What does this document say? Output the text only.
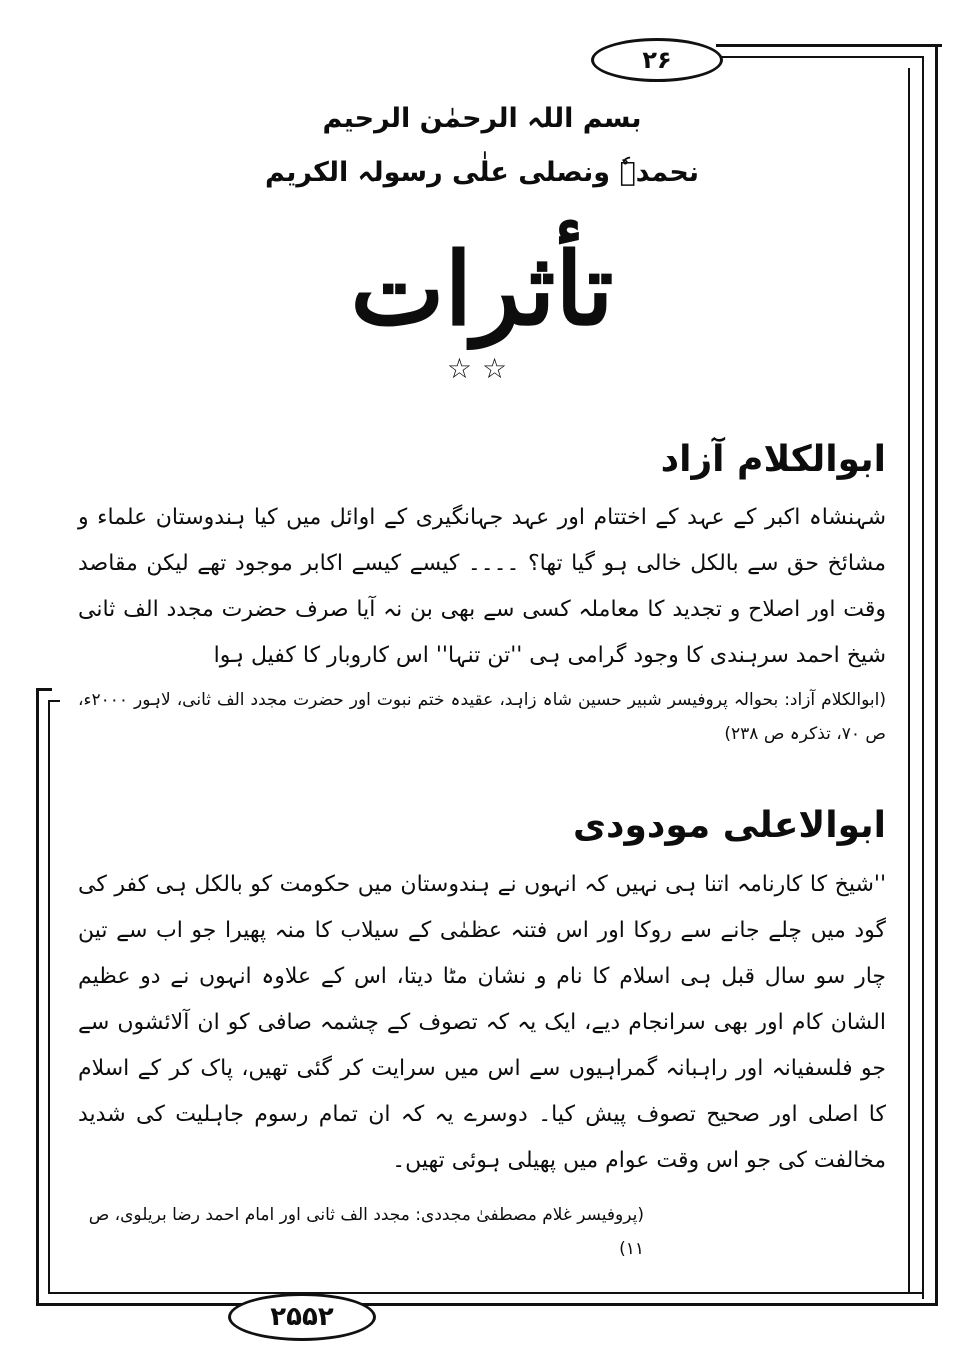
۲۶
۲۵۵۲
بسم اللہ الرحمٰن الرحیم
نحمدہٗ ونصلی علٰی رسولہ الکریم
تأثرات
☆☆
ابوالکلام آزاد
شہنشاہ اکبر کے عہد کے اختتام اور عہد جہانگیری کے اوائل میں کیا ہندوستان علماء و مشائخ حق سے بالکل خالی ہو گیا تھا؟ ۔۔۔۔ کیسے کیسے اکابر موجود تھے لیکن مقاصد وقت اور اصلاح و تجدید کا معاملہ کسی سے بھی بن نہ آیا صرف حضرت مجدد الف ثانی شیخ احمد سرہندی کا وجود گرامی ہی ''تن تنہا'' اس کاروبار کا کفیل ہوا
(ابوالکلام آزاد: بحوالہ پروفیسر شبیر حسین شاہ زاہد، عقیدہ ختم نبوت اور حضرت مجدد الف ثانی، لاہور ۲۰۰۰ء، ص ۷۰، تذکرہ ص ۲۳۸)
ابوالاعلی مودودی
''شیخ کا کارنامہ اتنا ہی نہیں کہ انہوں نے ہندوستان میں حکومت کو بالکل ہی کفر کی گود میں چلے جانے سے روکا اور اس فتنہ عظمٰی کے سیلاب کا منہ پھیرا جو اب سے تین چار سو سال قبل ہی اسلام کا نام و نشان مٹا دیتا، اس کے علاوہ انہوں نے دو عظیم الشان کام اور بھی سرانجام دیے، ایک یہ کہ تصوف کے چشمہ صافی کو ان آلائشوں سے جو فلسفیانہ اور راہبانہ گمراہیوں سے اس میں سرایت کر گئی تھیں، پاک کر کے اسلام کا اصلی اور صحیح تصوف پیش کیا۔ دوسرے یہ کہ ان تمام رسوم جاہلیت کی شدید مخالفت کی جو اس وقت عوام میں پھیلی ہوئی تھیں۔
(پروفیسر غلام مصطفیٰ مجددی: مجدد الف ثانی اور امام احمد رضا بریلوی، ص ۱۱)
